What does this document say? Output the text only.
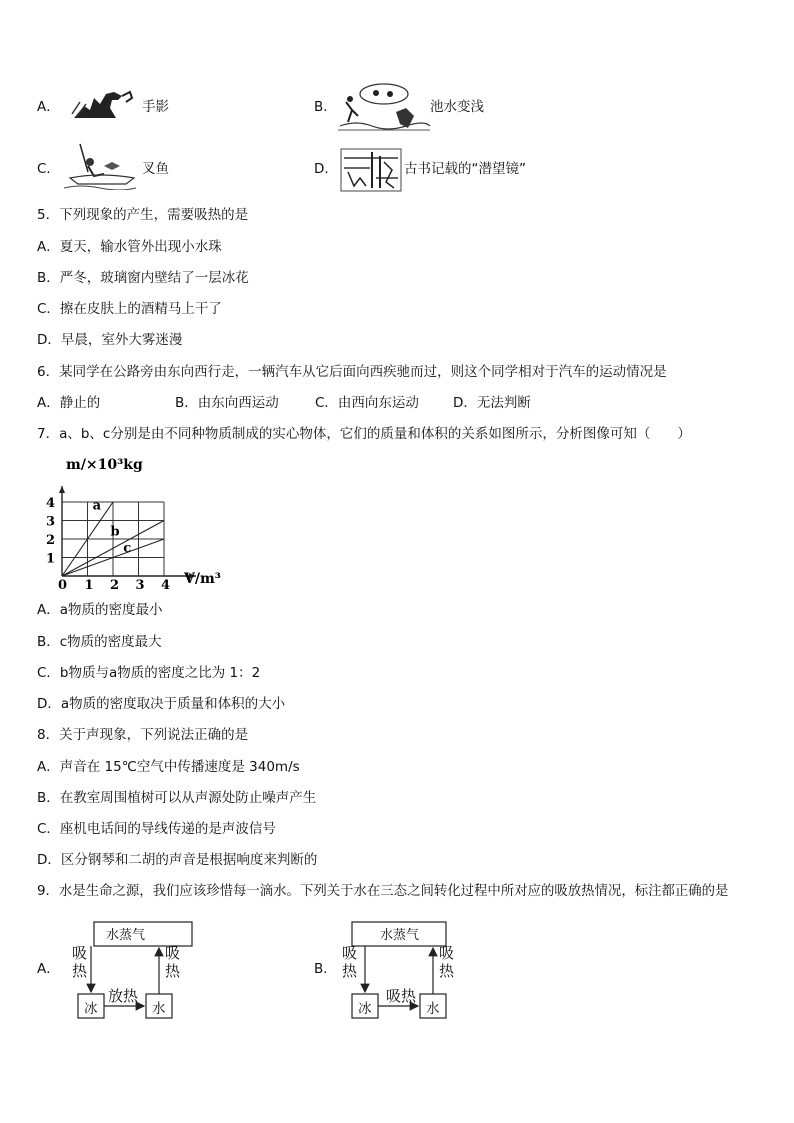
A．	手影	B．	池水变浅
C．	叉鱼	D．	古书记载的“潜望镜”
5．下列现象的产生，需要吸热的是
A．夏天，输水管外出现小水珠
B．严冬，玻璃窗内壁结了一层冰花
C．擦在皮肤上的酒精马上干了
D．早晨，室外大雾迷漫
6．某同学在公路旁由东向西行走，一辆汽车从它后面向西疾驰而过，则这个同学相对于汽车的运动情况是
A．静止的	B．由东向西运动	C．由西向东运动	D．无法判断
7．a、b、c分别是由不同种物质制成的实心物体，它们的质量和体积的关系如图所示，分析图像可知（　　）
0 1 2 3 4
1
2
3
4
m/×10³kg
V/m³
a
b
c
A．a物质的密度最小
B．c物质的密度最大
C．b物质与a物质的密度之比为 1：2
D．a物质的密度取决于质量和体积的大小
8．关于声现象，下列说法正确的是
A．声音在 15℃空气中传播速度是 340m/s
B．在教室周围植树可以从声源处防止噪声产生
C．座机电话间的导线传递的是声波信号
D．区分钢琴和二胡的声音是根据响度来判断的
9．水是生命之源，我们应该珍惜每一滴水。下列关于水在三态之间转化过程中所对应的吸放热情况，标注都正确的是
A．
水蒸气
吸热
吸热
放热
冰	水
B．
水蒸气
吸热
吸热
吸热
冰	水
